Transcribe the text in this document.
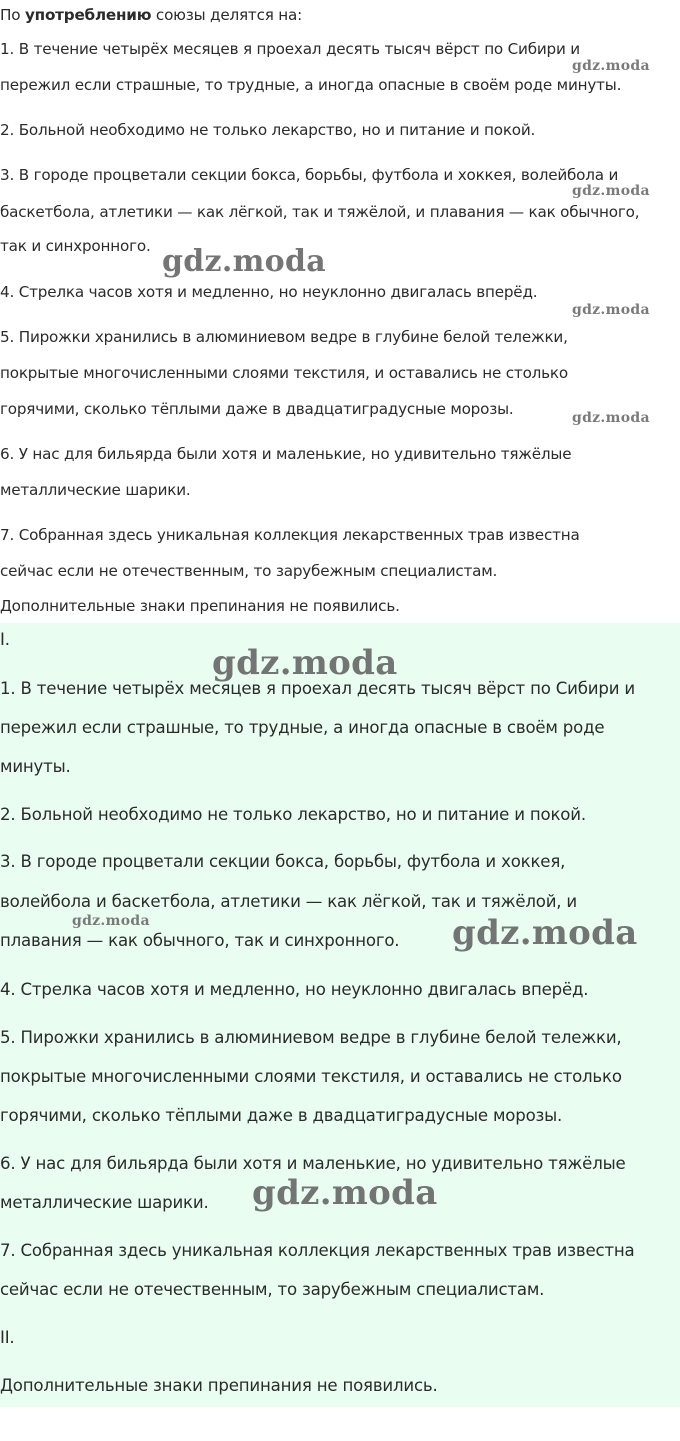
По употреблению союзы делятся на:
1. В течение четырёх месяцев я проехал десять тысяч вёрст по Сибири и
пережил если страшные, то трудные, а иногда опасные в своём роде минуты.
2. Больной необходимо не только лекарство, но и питание и покой.
3. В городе процветали секции бокса, борьбы, футбола и хоккея, волейбола и
баскетбола, атлетики — как лёгкой, так и тяжёлой, и плавания — как обычного,
так и синхронного.
4. Стрелка часов хотя и медленно, но неуклонно двигалась вперёд.
5. Пирожки хранились в алюминиевом ведре в глубине белой тележки,
покрытые многочисленными слоями текстиля, и оставались не столько
горячими, сколько тёплыми даже в двадцатиградусные морозы.
6. У нас для бильярда были хотя и маленькие, но удивительно тяжёлые
металлические шарики.
7. Собранная здесь уникальная коллекция лекарственных трав известна
сейчас если не отечественным, то зарубежным специалистам.
Дополнительные знаки препинания не появились.
I.
1. В течение четырёх месяцев я проехал десять тысяч вёрст по Сибири и
пережил если страшные, то трудные, а иногда опасные в своём роде
минуты.
2. Больной необходимо не только лекарство, но и питание и покой.
3. В городе процветали секции бокса, борьбы, футбола и хоккея,
волейбола и баскетбола, атлетики — как лёгкой, так и тяжёлой, и
плавания — как обычного, так и синхронного.
4. Стрелка часов хотя и медленно, но неуклонно двигалась вперёд.
5. Пирожки хранились в алюминиевом ведре в глубине белой тележки,
покрытые многочисленными слоями текстиля, и оставались не столько
горячими, сколько тёплыми даже в двадцатиградусные морозы.
6. У нас для бильярда были хотя и маленькие, но удивительно тяжёлые
металлические шарики.
7. Собранная здесь уникальная коллекция лекарственных трав известна
сейчас если не отечественным, то зарубежным специалистам.
II.
Дополнительные знаки препинания не появились.
gdz.moda
gdz.moda
gdz.moda
gdz.moda
gdz.moda
gdz.moda
gdz.moda	gdz.moda
gdz.moda
